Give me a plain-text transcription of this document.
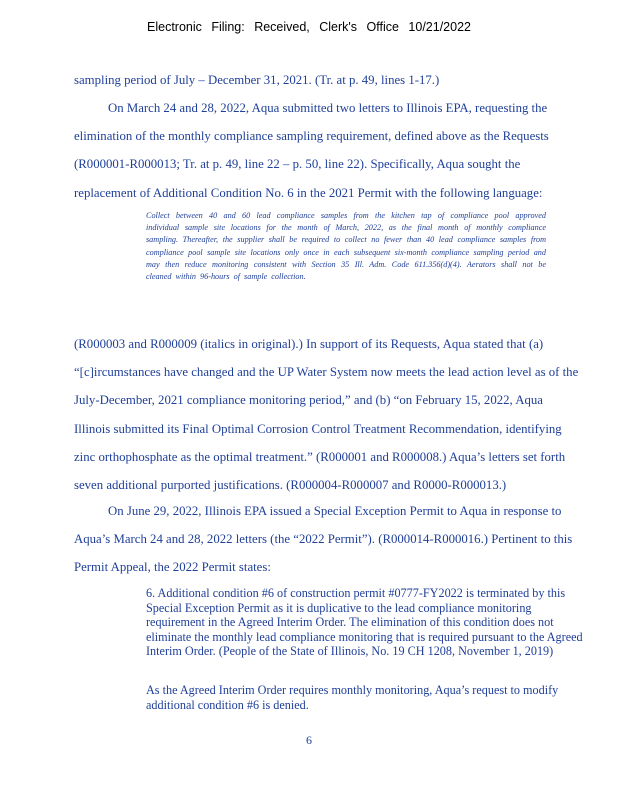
Electronic Filing: Received, Clerk's Office 10/21/2022

sampling period of July – December 31, 2021. (Tr. at p. 49, lines 1-17.)

On March 24 and 28, 2022, Aqua submitted two letters to Illinois EPA, requesting the elimination of the monthly compliance sampling requirement, defined above as the Requests (R000001-R000013; Tr. at p. 49, line 22 – p. 50, line 22). Specifically, Aqua sought the replacement of Additional Condition No. 6 in the 2021 Permit with the following language:

Collect between 40 and 60 lead compliance samples from the kitchen tap of compliance pool approved individual sample site locations for the month of March, 2022, as the final month of monthly compliance sampling. Thereafter, the supplier shall be required to collect no fewer than 40 lead compliance samples from compliance pool sample site locations only once in each subsequent six-month compliance sampling period and may then reduce monitoring consistent with Section 35 Ill. Adm. Code 611.356(d)(4). Aerators shall not be cleaned within 96-hours of sample collection.

(R000003 and R000009 (italics in original).) In support of its Requests, Aqua stated that (a) “[c]ircumstances have changed and the UP Water System now meets the lead action level as of the July-December, 2021 compliance monitoring period,” and (b) “on February 15, 2022, Aqua Illinois submitted its Final Optimal Corrosion Control Treatment Recommendation, identifying zinc orthophosphate as the optimal treatment.” (R000001 and R000008.) Aqua’s letters set forth seven additional purported justifications. (R000004-R000007 and R0000-R000013.)

On June 29, 2022, Illinois EPA issued a Special Exception Permit to Aqua in response to Aqua’s March 24 and 28, 2022 letters (the “2022 Permit”). (R000014-R000016.) Pertinent to this Permit Appeal, the 2022 Permit states:

6. Additional condition #6 of construction permit #0777-FY2022 is terminated by this Special Exception Permit as it is duplicative to the lead compliance monitoring requirement in the Agreed Interim Order. The elimination of this condition does not eliminate the monthly lead compliance monitoring that is required pursuant to the Agreed Interim Order. (People of the State of Illinois, No. 19 CH 1208, November 1, 2019)

As the Agreed Interim Order requires monthly monitoring, Aqua’s request to modify additional condition #6 is denied.

6
